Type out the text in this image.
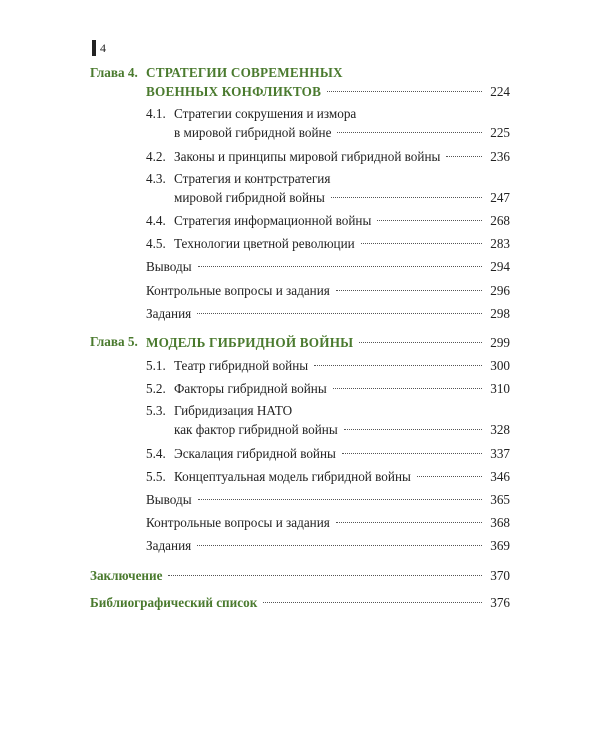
4
Глава 4. СТРАТЕГИИ СОВРЕМЕННЫХ
ВОЕННЫХ КОНФЛИКТОВ	224
4.1. Стратегии сокрушения и измора
в мировой гибридной войне	225
4.2. Законы и принципы мировой гибридной войны	236
4.3. Стратегия и контрстратегия
мировой гибридной войны	247
4.4. Стратегия информационной войны	268
4.5. Технологии цветной революции	283
Выводы	294
Контрольные вопросы и задания	296
Задания	298
Глава 5. МОДЕЛЬ ГИБРИДНОЙ ВОЙНЫ	299
5.1. Театр гибридной войны	300
5.2. Факторы гибридной войны	310
5.3. Гибридизация НАТО
как фактор гибридной войны	328
5.4. Эскалация гибридной войны	337
5.5. Концептуальная модель гибридной войны	346
Выводы	365
Контрольные вопросы и задания	368
Задания	369
Заключение	370
Библиографический список	376
